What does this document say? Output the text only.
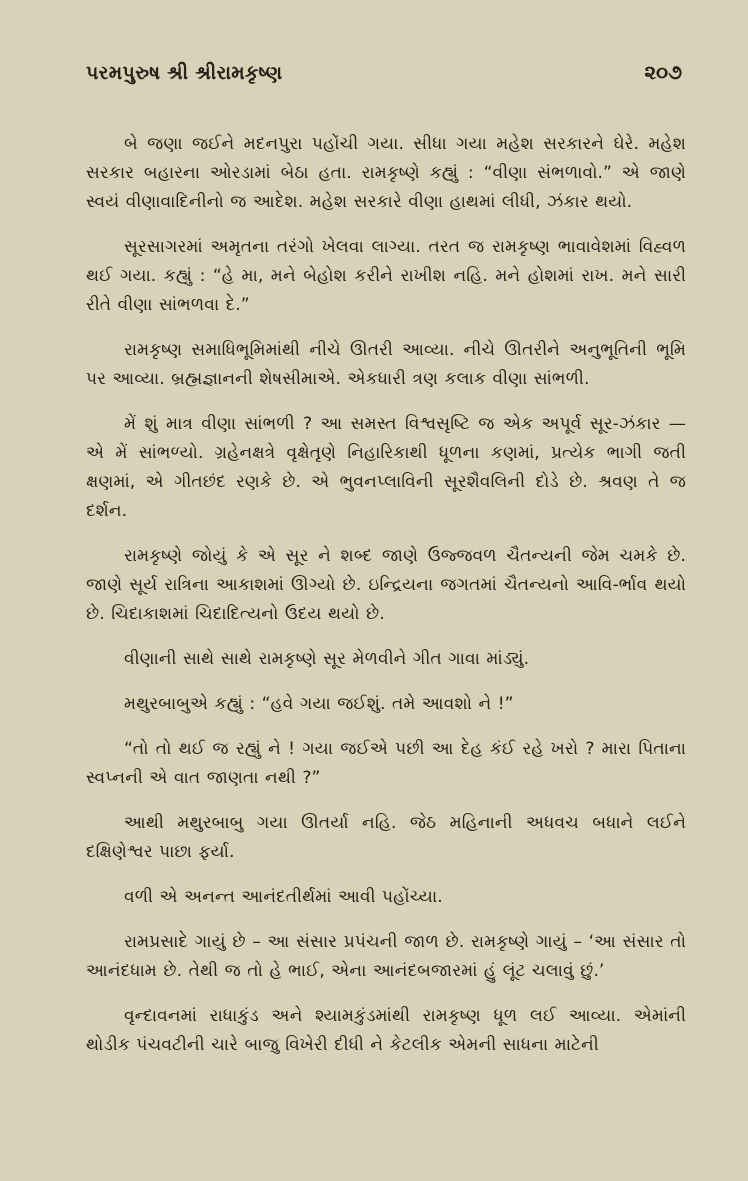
પરમપુરુષ શ્રી શ્રીરામકૃષ્ણ	૨૦૭

બે જણા જઈને મદનપુરા પહોંચી ગયા. સીધા ગયા મહેશ સરકારને ઘેરે. મહેશ સરકાર બહારના ઓરડામાં બેઠા હતા. રામકૃષ્ણે કહ્યું : “વીણા સંભળાવો.” એ જાણે સ્વયં વીણાવાદિનીનો જ આદેશ. મહેશ સરકારે વીણા હાથમાં લીધી, ઝંકાર થયો.

સૂરસાગરમાં અમૃતના તરંગો ખેલવા લાગ્યા. તરત જ રામકૃષ્ણ ભાવાવેશમાં વિહ્વળ થઈ ગયા. કહ્યું : “હે મા, મને બેહોશ કરીને રાખીશ નહિ. મને હોશમાં રાખ. મને સારી રીતે વીણા સાંભળવા દે.”

રામકૃષ્ણ સમાધિભૂમિમાંથી નીચે ઊતરી આવ્યા. નીચે ઊતરીને અનુભૂતિની ભૂમિ પર આવ્યા. બ્રહ્મજ્ઞાનની શેષસીમાએ. એકધારી ત્રણ કલાક વીણા સાંભળી.

મેં શું માત્ર વીણા સાંભળી ? આ સમસ્ત વિશ્વસૃષ્ટિ જ એક અપૂર્વ સૂર-ઝંકાર — એ મેં સાંભળ્યો. ગ્રહેનક્ષત્રે વૃક્ષેતૃણે નિહારિકાથી ધૂળના કણમાં, પ્રત્યેક ભાગી જતી ક્ષણમાં, એ ગીતછંદ રણકે છે. એ ભુવનપ્લાવિની સૂરશૈવલિની દોડે છે. શ્રવણ તે જ દર્શન.

રામકૃષ્ણે જોયું કે એ સૂર ને શબ્દ જાણે ઉજ્જવળ ચૈતન્યની જેમ ચમકે છે. જાણે સૂર્ય રાત્રિના આકાશમાં ઊગ્યો છે. ઇન્દ્રિયના જગતમાં ચૈતન્યનો આવિ-ર્ભાવ થયો છે. ચિદાકાશમાં ચિદાદિત્યનો ઉદય થયો છે.

વીણાની સાથે સાથે રામકૃષ્ણે સૂર મેળવીને ગીત ગાવા માંડ્યું.

મથુરબાબુએ કહ્યું : “હવે ગયા જઈશું. તમે આવશો ને !”

“તો તો થઈ જ રહ્યું ને ! ગયા જઈએ પછી આ દેહ કંઈ રહે ખરો ? મારા પિતાના સ્વપ્નની એ વાત જાણતા નથી ?”

આથી મથુરબાબુ ગયા ઊતર્યા નહિ. જેઠ મહિનાની અધવચ બધાને લઈને દક્ષિણેશ્વર પાછા ફર્યા.

વળી એ અનન્ત આનંદતીર્થમાં આવી પહોંચ્યા.

રામપ્રસાદે ગાયું છે – આ સંસાર પ્રપંચની જાળ છે. રામકૃષ્ણે ગાયું – ‘આ સંસાર તો આનંદધામ છે. તેથી જ તો હે ભાઈ, એના આનંદબજારમાં હું લૂંટ ચલાવું છું.’

વૃન્દાવનમાં રાધાકુંડ અને શ્યામકુંડમાંથી રામકૃષ્ણ ધૂળ લઈ આવ્યા. એમાંની થોડીક પંચવટીની ચારે બાજુ વિખેરી દીધી ને કેટલીક એમની સાધના માટેની
